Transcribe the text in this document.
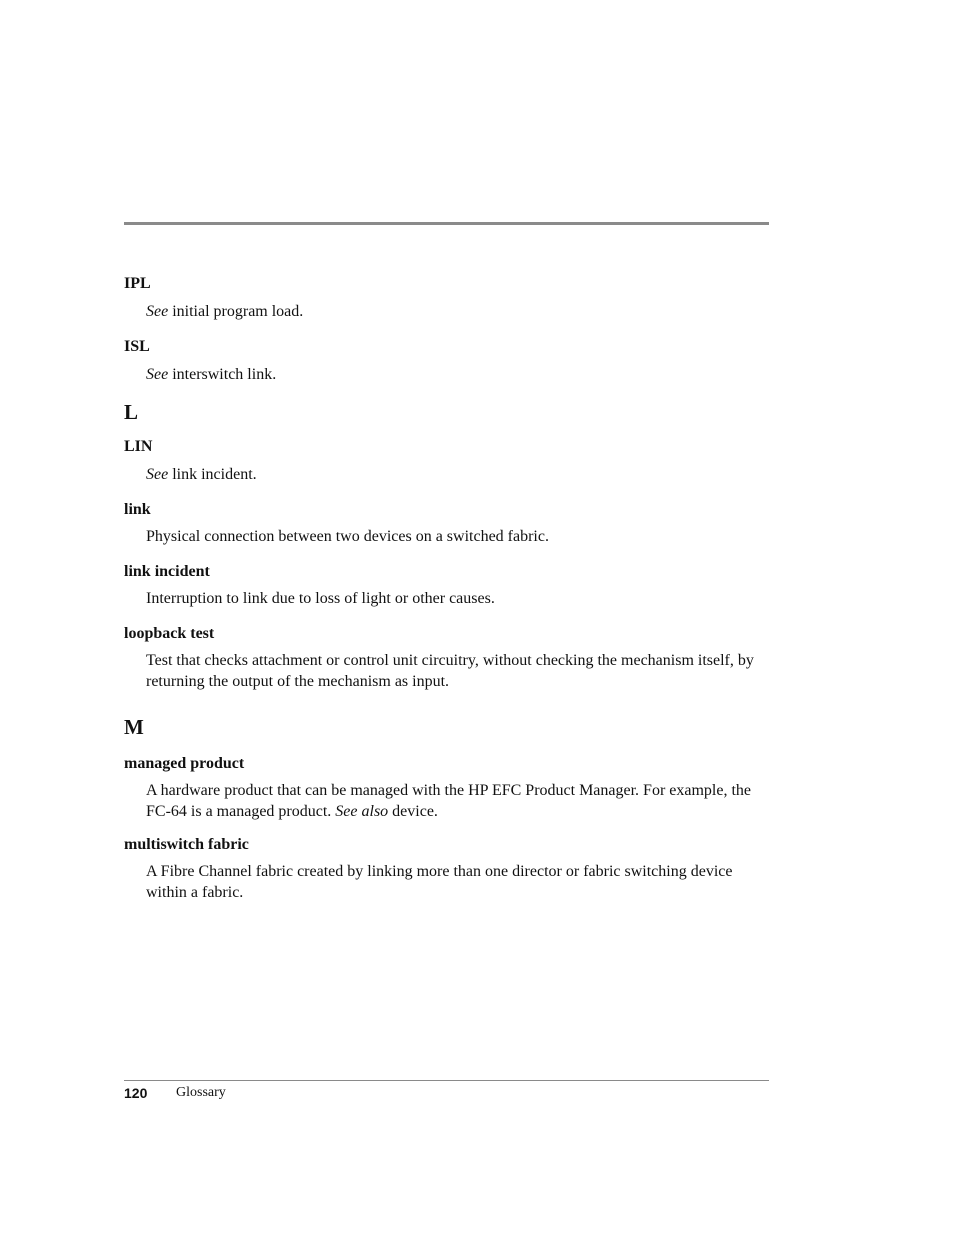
IPL
See initial program load.
ISL
See interswitch link.
L
LIN
See link incident.
link
Physical connection between two devices on a switched fabric.
link incident
Interruption to link due to loss of light or other causes.
loopback test
Test that checks attachment or control unit circuitry, without checking the mechanism itself, by returning the output of the mechanism as input.
M
managed product
A hardware product that can be managed with the HP EFC Product Manager. For example, the FC-64 is a managed product. See also device.
multiswitch fabric
A Fibre Channel fabric created by linking more than one director or fabric switching device within a fabric.
120 Glossary
